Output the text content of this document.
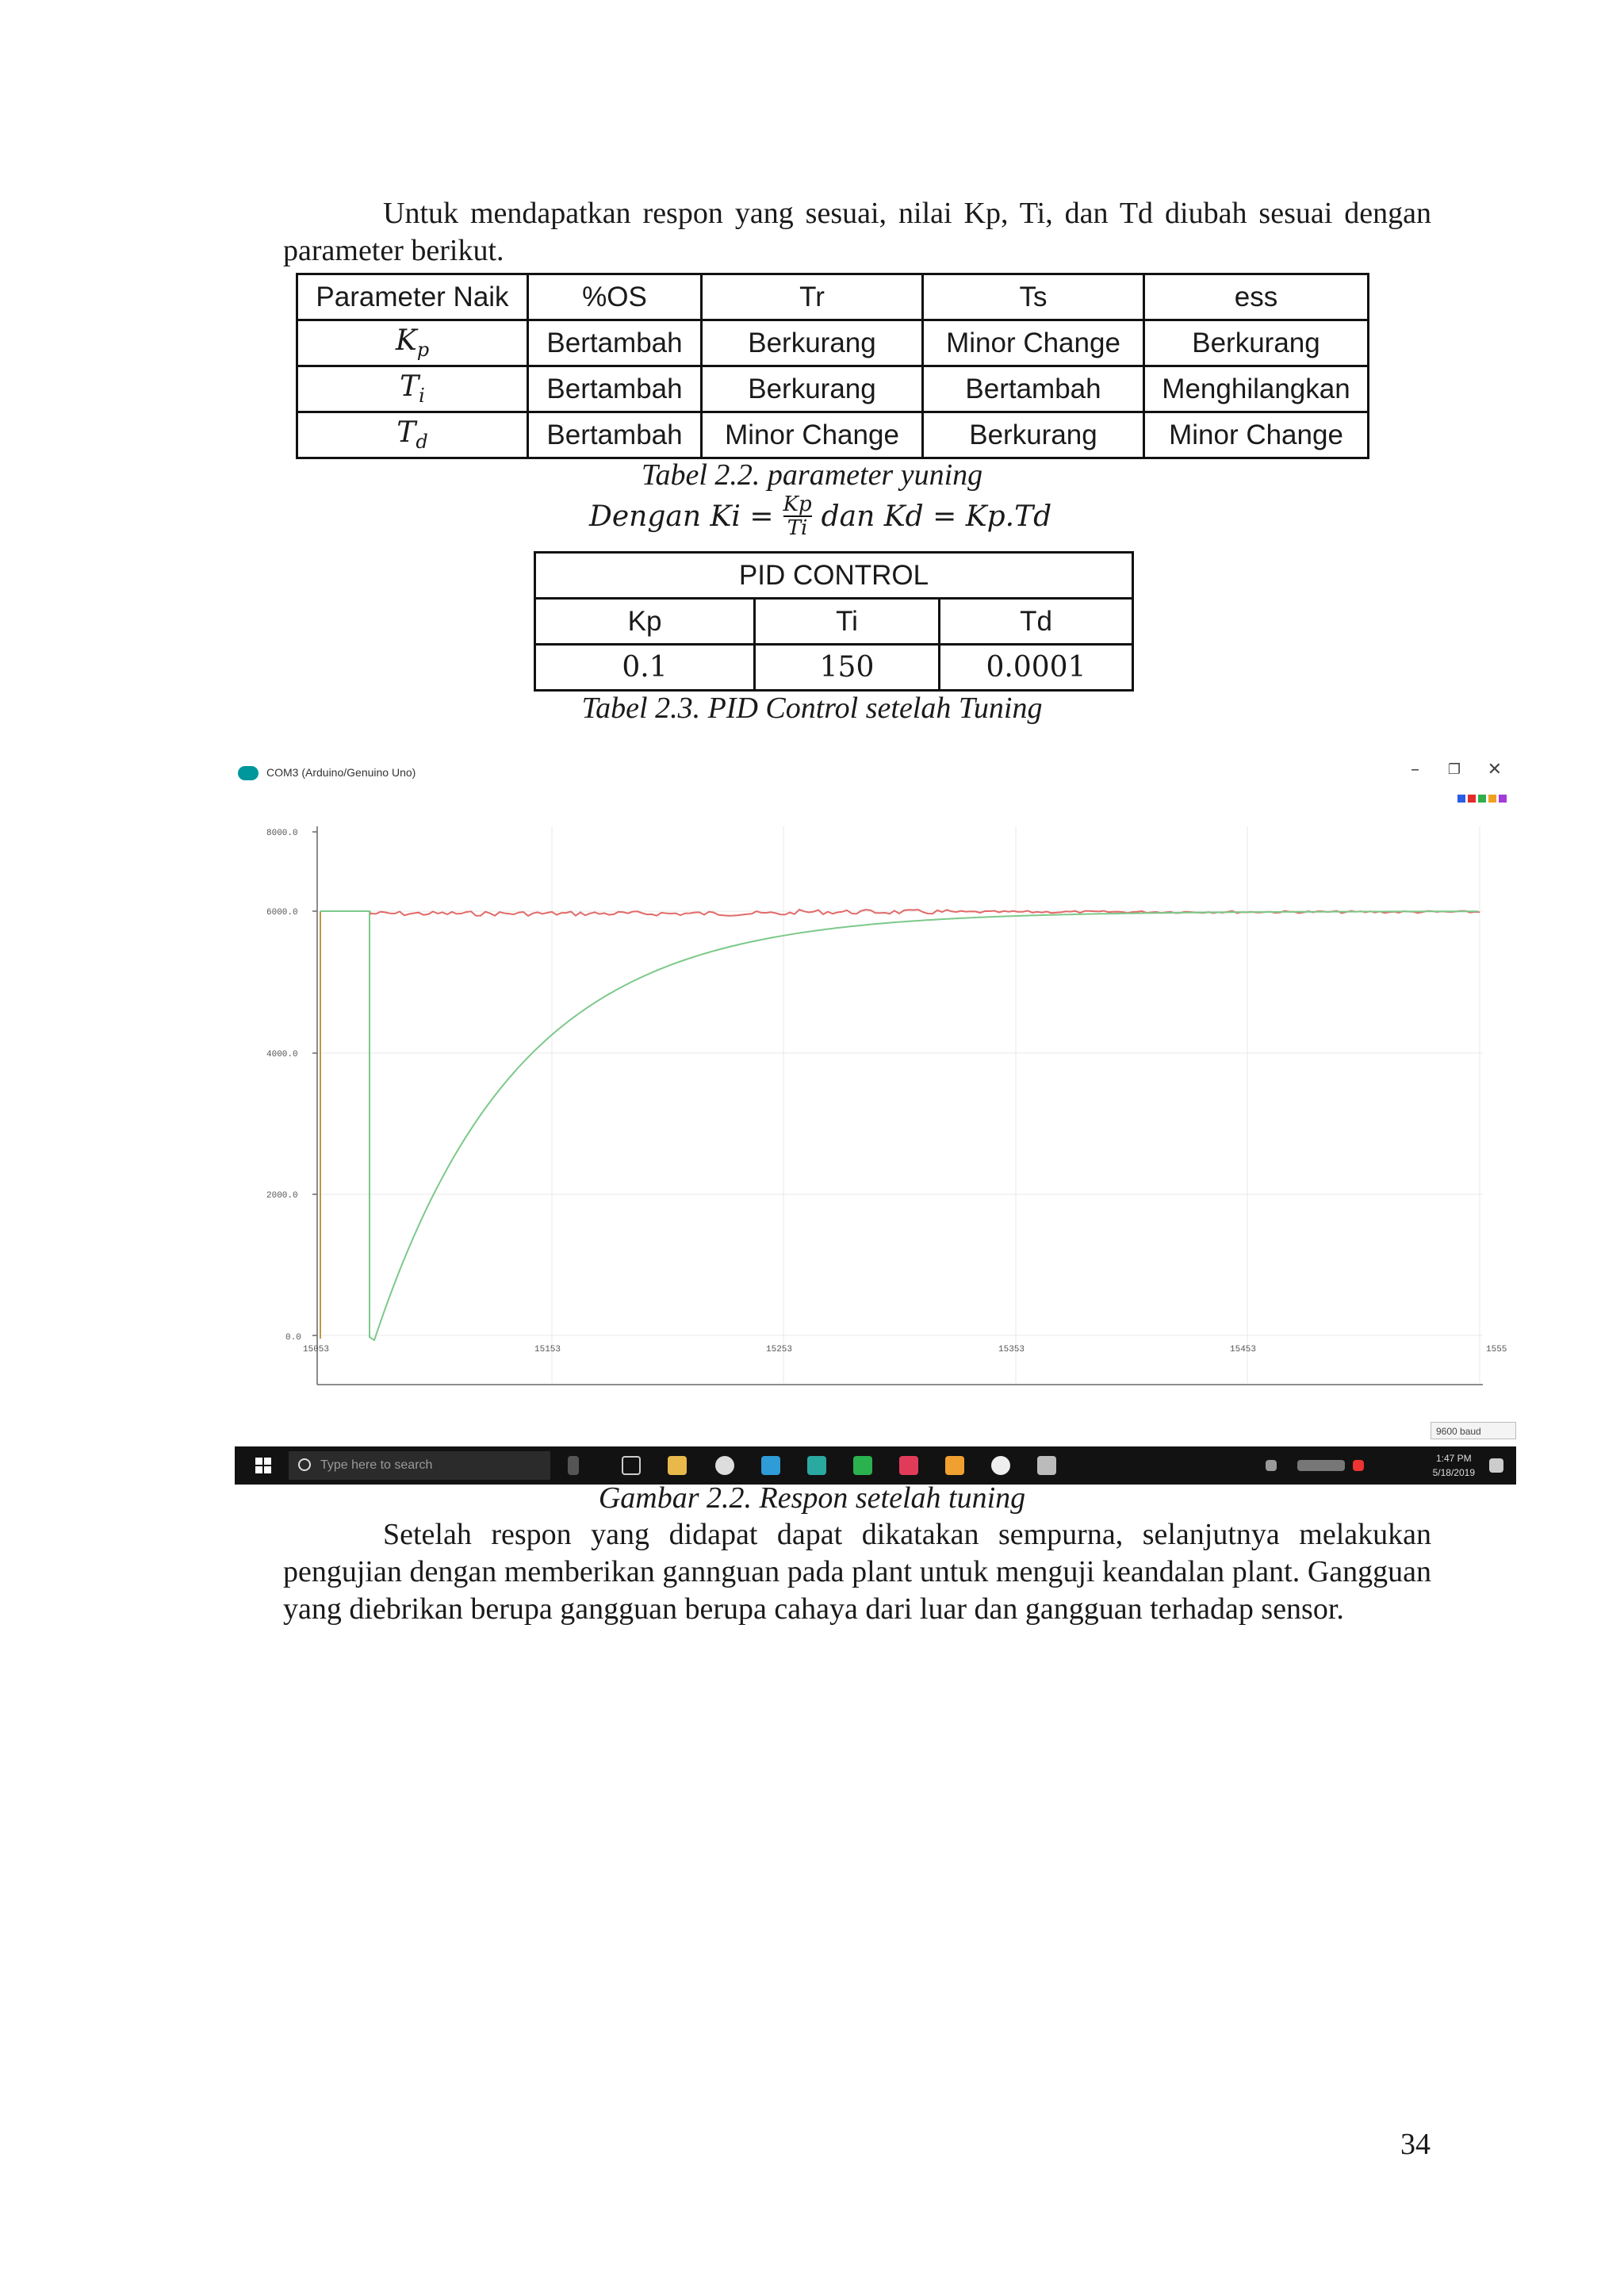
Untuk mendapatkan respon yang sesuai, nilai Kp, Ti, dan Td diubah sesuai dengan parameter berikut.
Parameter Naik	%OS	Tr	Ts	ess
$K_p$	Bertambah	Berkurang	Minor Change	Berkurang
$T_i$	Bertambah	Berkurang	Bertambah	Menghilangkan
$T_d$	Bertambah	Minor Change	Berkurang	Minor Change
Tabel 2.2. parameter yuning
Dengan $Ki = \frac{Kp}{Ti}$ dan Kd = Kp.Td
PID CONTROL		
Kp	Ti	Td
0.1	150	0.0001
Tabel 2.3. PID Control setelah Tuning
COM3 (Arduino/Genuino Uno)	– ❐ ✕
8000.0
6000.0
4000.0
2000.0
0.0
15053	15153	15253	15353	15453	1555
9600 baud
Type here to search	1:47 PM
5/18/2019
Gambar 2.2. Respon setelah tuning
Setelah respon yang didapat dapat dikatakan sempurna, selanjutnya melakukan pengujian dengan memberikan gannguan pada plant untuk menguji keandalan plant. Gangguan yang diebrikan berupa gangguan berupa cahaya dari luar dan gangguan terhadap sensor.
34
